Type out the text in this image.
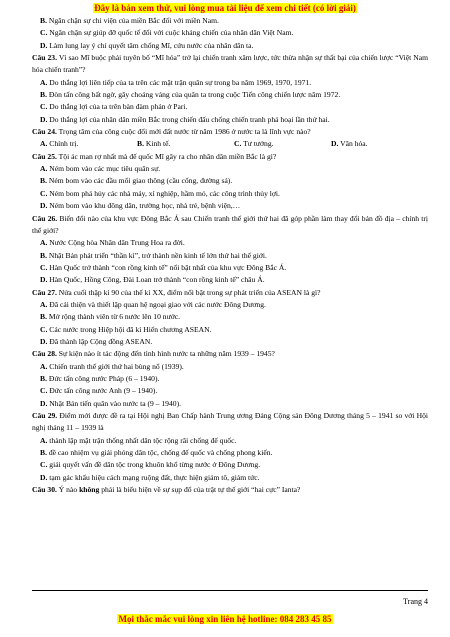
Đây là bản xem thử, vui lòng mua tài liệu để xem chi tiết (có lời giải)
B. Ngăn chặn sự chi viện của miền Bắc đối với miền Nam.
C. Ngăn chặn sự giúp đỡ quốc tế đối với cuộc kháng chiến của nhân dân Việt Nam.
D. Làm lung lay ý chí quyết tâm chống Mĩ, cứu nước của nhân dân ta.
Câu 23. Vì sao Mĩ buộc phải tuyên bố “Mĩ hóa” trở lại chiến tranh xâm lược, tức thừa nhận sự thất bại của chiến lược “Việt Nam hóa chiến tranh”?
A. Do thắng lợi liên tiếp của ta trên các mặt trận quân sự trong ba năm 1969, 1970, 1971.
B. Đòn tấn công bất ngờ, gây choáng váng của quân ta trong cuộc Tiến công chiến lược năm 1972.
C. Do thắng lợi của ta trên bàn đàm phán ở Pari.
D. Do thắng lợi của nhân dân miền Bắc trong chiến đấu chống chiến tranh phá hoại lần thứ hai.
Câu 24. Trọng tâm của công cuộc đổi mới đất nước từ năm 1986 ở nước ta là lĩnh vực nào?
A. Chính trị.	B. Kinh tế.	C. Tư tưởng.	D. Văn hóa.
Câu 25. Tội ác man rợ nhất mà đế quốc Mĩ gây ra cho nhân dân miền Bắc là gì?
A. Ném bom vào các mục tiêu quân sự.
B. Ném bom vào các đầu mối giao thông (cầu cống, đường sá).
C. Ném bom phá hủy các nhà máy, xí nghiệp, hầm mỏ, các công trình thủy lợi.
D. Ném bom vào khu đông dân, trường học, nhà trẻ, bệnh viện,…
Câu 26. Biến đổi nào của khu vực Đông Bắc Á sau Chiến tranh thế giới thứ hai đã góp phần làm thay đổi bản đồ địa – chính trị thế giới?
A. Nước Cộng hòa Nhân dân Trung Hoa ra đời.
B. Nhật Bản phát triển “thần kì”, trở thành nền kinh tế lớn thứ hai thế giới.
C. Hàn Quốc trở thành “con rồng kinh tế” nổi bật nhất của khu vực Đông Bắc Á.
D. Hàn Quốc, Hồng Công, Đài Loan trở thành “con rồng kinh tế” châu Á.
Câu 27. Nửa cuối thập kỉ 90 của thế kỉ XX, điểm nổi bật trong sự phát triển của ASEAN là gì?
A. Đã cải thiện và thiết lập quan hệ ngoại giao với các nước Đông Dương.
B. Mở rộng thành viên từ 6 nước lên 10 nước.
C. Các nước trong Hiệp hội đã kí Hiến chương ASEAN.
D. Đã thành lập Cộng đồng ASEAN.
Câu 28. Sự kiện nào ít tác động đến tình hình nước ta những năm 1939 – 1945?
A. Chiến tranh thế giới thứ hai bùng nổ (1939).
B. Đức tấn công nước Pháp (6 – 1940).
C. Đức tấn công nước Anh (9 – 1940).
D. Nhật Bản tiến quân vào nước ta (9 – 1940).
Câu 29. Điểm mới được đề ra tại Hội nghị Ban Chấp hành Trung ương Đảng Cộng sản Đông Dương tháng 5 – 1941 so với Hội nghị tháng 11 – 1939 là
A. thành lập mặt trận thống nhất dân tộc rộng rãi chống đế quốc.
B. đề cao nhiệm vụ giải phóng dân tộc, chống đế quốc và chống phong kiến.
C. giải quyết vấn đề dân tộc trong khuôn khổ từng nước ở Đông Dương.
D. tạm gác khẩu hiệu cách mạng ruộng đất, thực hiện giảm tô, giảm tức.
Câu 30. Ý nào không phải là biểu hiện về sự sụp đổ của trật tự thế giới “hai cực” Ianta?
Trang 4
Mọi thắc mắc vui lòng xin liên hệ hotline: 084 283 45 85
